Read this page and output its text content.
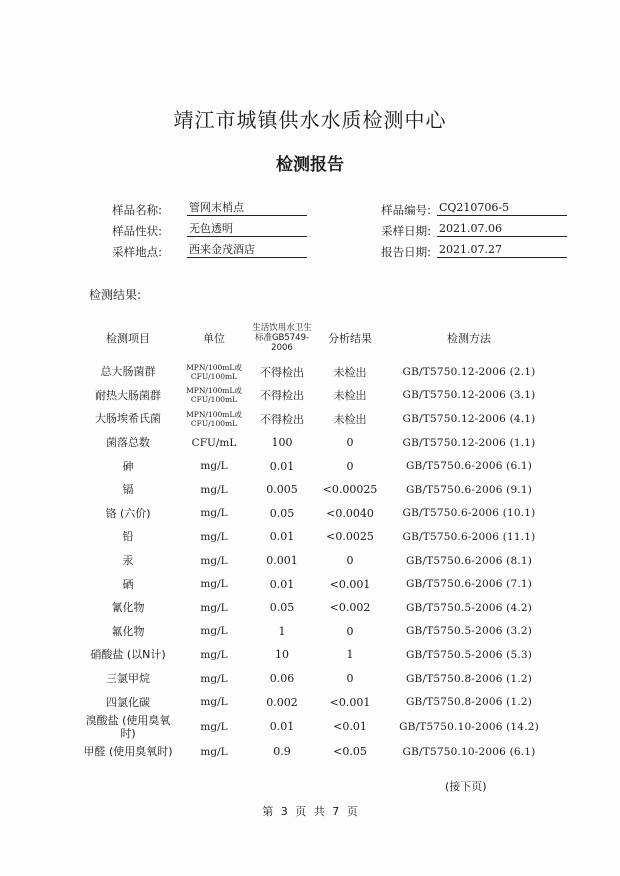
靖江市城镇供水水质检测中心
检测报告
样品名称: 管网末梢点
样品性状: 无色透明
采样地点: 西来金茂酒店
样品编号: CQ210706-5
采样日期: 2021.07.06
报告日期: 2021.07.27
检测结果:
检测项目	单位	生活饮用水卫生标准GB5749-2006	分析结果	检测方法
总大肠菌群	MPN/100mL或CFU/100mL	不得检出	未检出	GB/T5750.12-2006 (2.1)
耐热大肠菌群	MPN/100mL或CFU/100mL	不得检出	未检出	GB/T5750.12-2006 (3.1)
大肠埃希氏菌	MPN/100mL或CFU/100mL	不得检出	未检出	GB/T5750.12-2006 (4.1)
菌落总数	CFU/mL	100	0	GB/T5750.12-2006 (1.1)
砷	mg/L	0.01	0	GB/T5750.6-2006 (6.1)
镉	mg/L	0.005	<0.00025	GB/T5750.6-2006 (9.1)
铬 (六价)	mg/L	0.05	<0.0040	GB/T5750.6-2006 (10.1)
铅	mg/L	0.01	<0.0025	GB/T5750.6-2006 (11.1)
汞	mg/L	0.001	0	GB/T5750.6-2006 (8.1)
硒	mg/L	0.01	<0.001	GB/T5750.6-2006 (7.1)
氰化物	mg/L	0.05	<0.002	GB/T5750.5-2006 (4.2)
氟化物	mg/L	1	0	GB/T5750.5-2006 (3.2)
硝酸盐 (以N计)	mg/L	10	1	GB/T5750.5-2006 (5.3)
三氯甲烷	mg/L	0.06	0	GB/T5750.8-2006 (1.2)
四氯化碳	mg/L	0.002	<0.001	GB/T5750.8-2006 (1.2)
溴酸盐 (使用臭氧时)	mg/L	0.01	<0.01	GB/T5750.10-2006 (14.2)
甲醛 (使用臭氧时)	mg/L	0.9	<0.05	GB/T5750.10-2006 (6.1)
(接下页)
第 3 页 共 7 页
